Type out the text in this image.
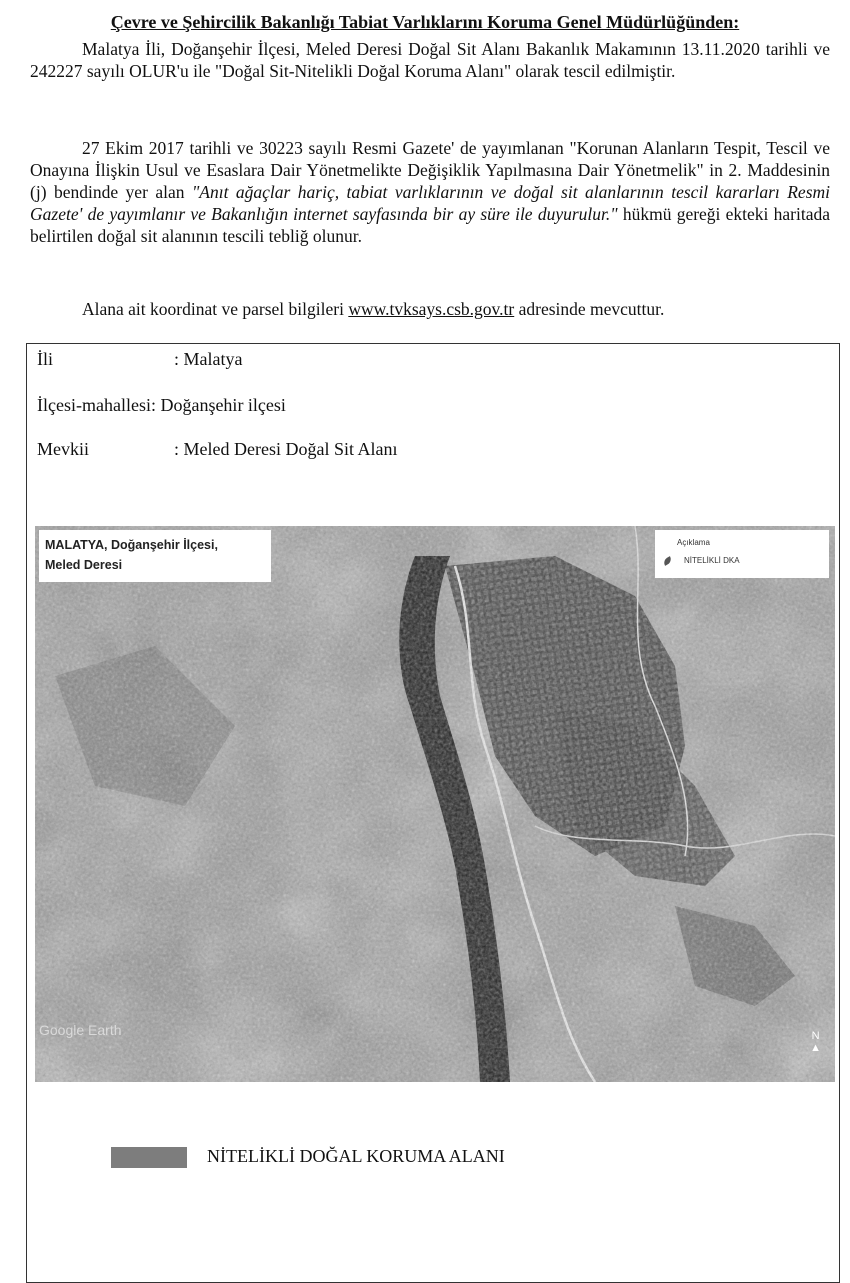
Çevre ve Şehircilik Bakanlığı Tabiat Varlıklarını Koruma Genel Müdürlüğünden:

Malatya İli, Doğanşehir İlçesi, Meled Deresi Doğal Sit Alanı Bakanlık Makamının 13.11.2020 tarihli ve 242227 sayılı OLUR'u ile "Doğal Sit-Nitelikli Doğal Koruma Alanı" olarak tescil edilmiştir.

27 Ekim 2017 tarihli ve 30223 sayılı Resmi Gazete' de yayımlanan "Korunan Alanların Tespit, Tescil ve Onayına İlişkin Usul ve Esaslara Dair Yönetmelikte Değişiklik Yapılmasına Dair Yönetmelik" in 2. Maddesinin (j) bendinde yer alan "Anıt ağaçlar hariç, tabiat varlıklarının ve doğal sit alanlarının tescil kararları Resmi Gazete' de yayımlanır ve Bakanlığın internet sayfasında bir ay süre ile duyurulur." hükmü gereği ekteki haritada belirtilen doğal sit alanının tescili tebliğ olunur.

Alana ait koordinat ve parsel bilgileri www.tvksays.csb.gov.tr adresinde mevcuttur.

İli	: Malatya
İlçesi-mahallesi: Doğanşehir ilçesi
Mevkii	: Meled Deresi Doğal Sit Alanı
MALATYA, Doğanşehir İlçesi,
Meled Deresi
Açıklama
NİTELİKLİ DKA
Google Earth	N
▲
NİTELİKLİ DOĞAL KORUMA ALANI
